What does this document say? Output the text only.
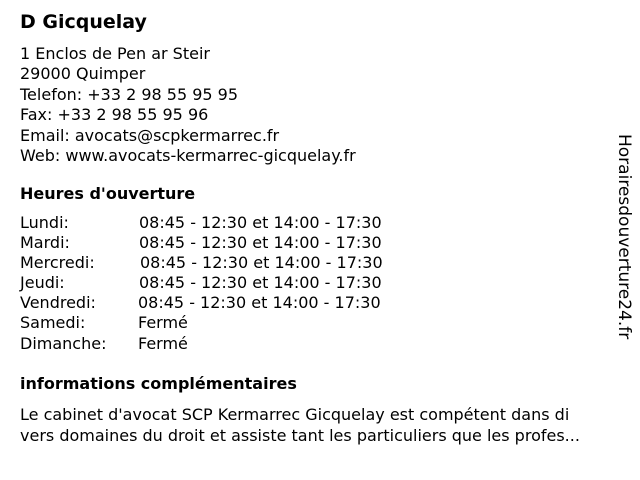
D Gicquelay
1 Enclos de Pen ar Steir
29000 Quimper
Telefon: +33 2 98 55 95 95
Fax: +33 2 98 55 95 96
Email: avocats@scpkermarrec.fr
Web: www.avocats-kermarrec-gicquelay.fr
Heures d'ouverture
Lundi:	08:45 - 12:30 et 14:00 - 17:30
Mardi:	08:45 - 12:30 et 14:00 - 17:30
Mercredi:	08:45 - 12:30 et 14:00 - 17:30
Jeudi:	08:45 - 12:30 et 14:00 - 17:30
Vendredi:	08:45 - 12:30 et 14:00 - 17:30
Samedi:	Fermé
Dimanche: Fermé
informations complémentaires
Le cabinet d'avocat SCP Kermarrec Gicquelay est compétent dans di
vers domaines du droit et assiste tant les particuliers que les profes...
Horairesdouverture24.fr
